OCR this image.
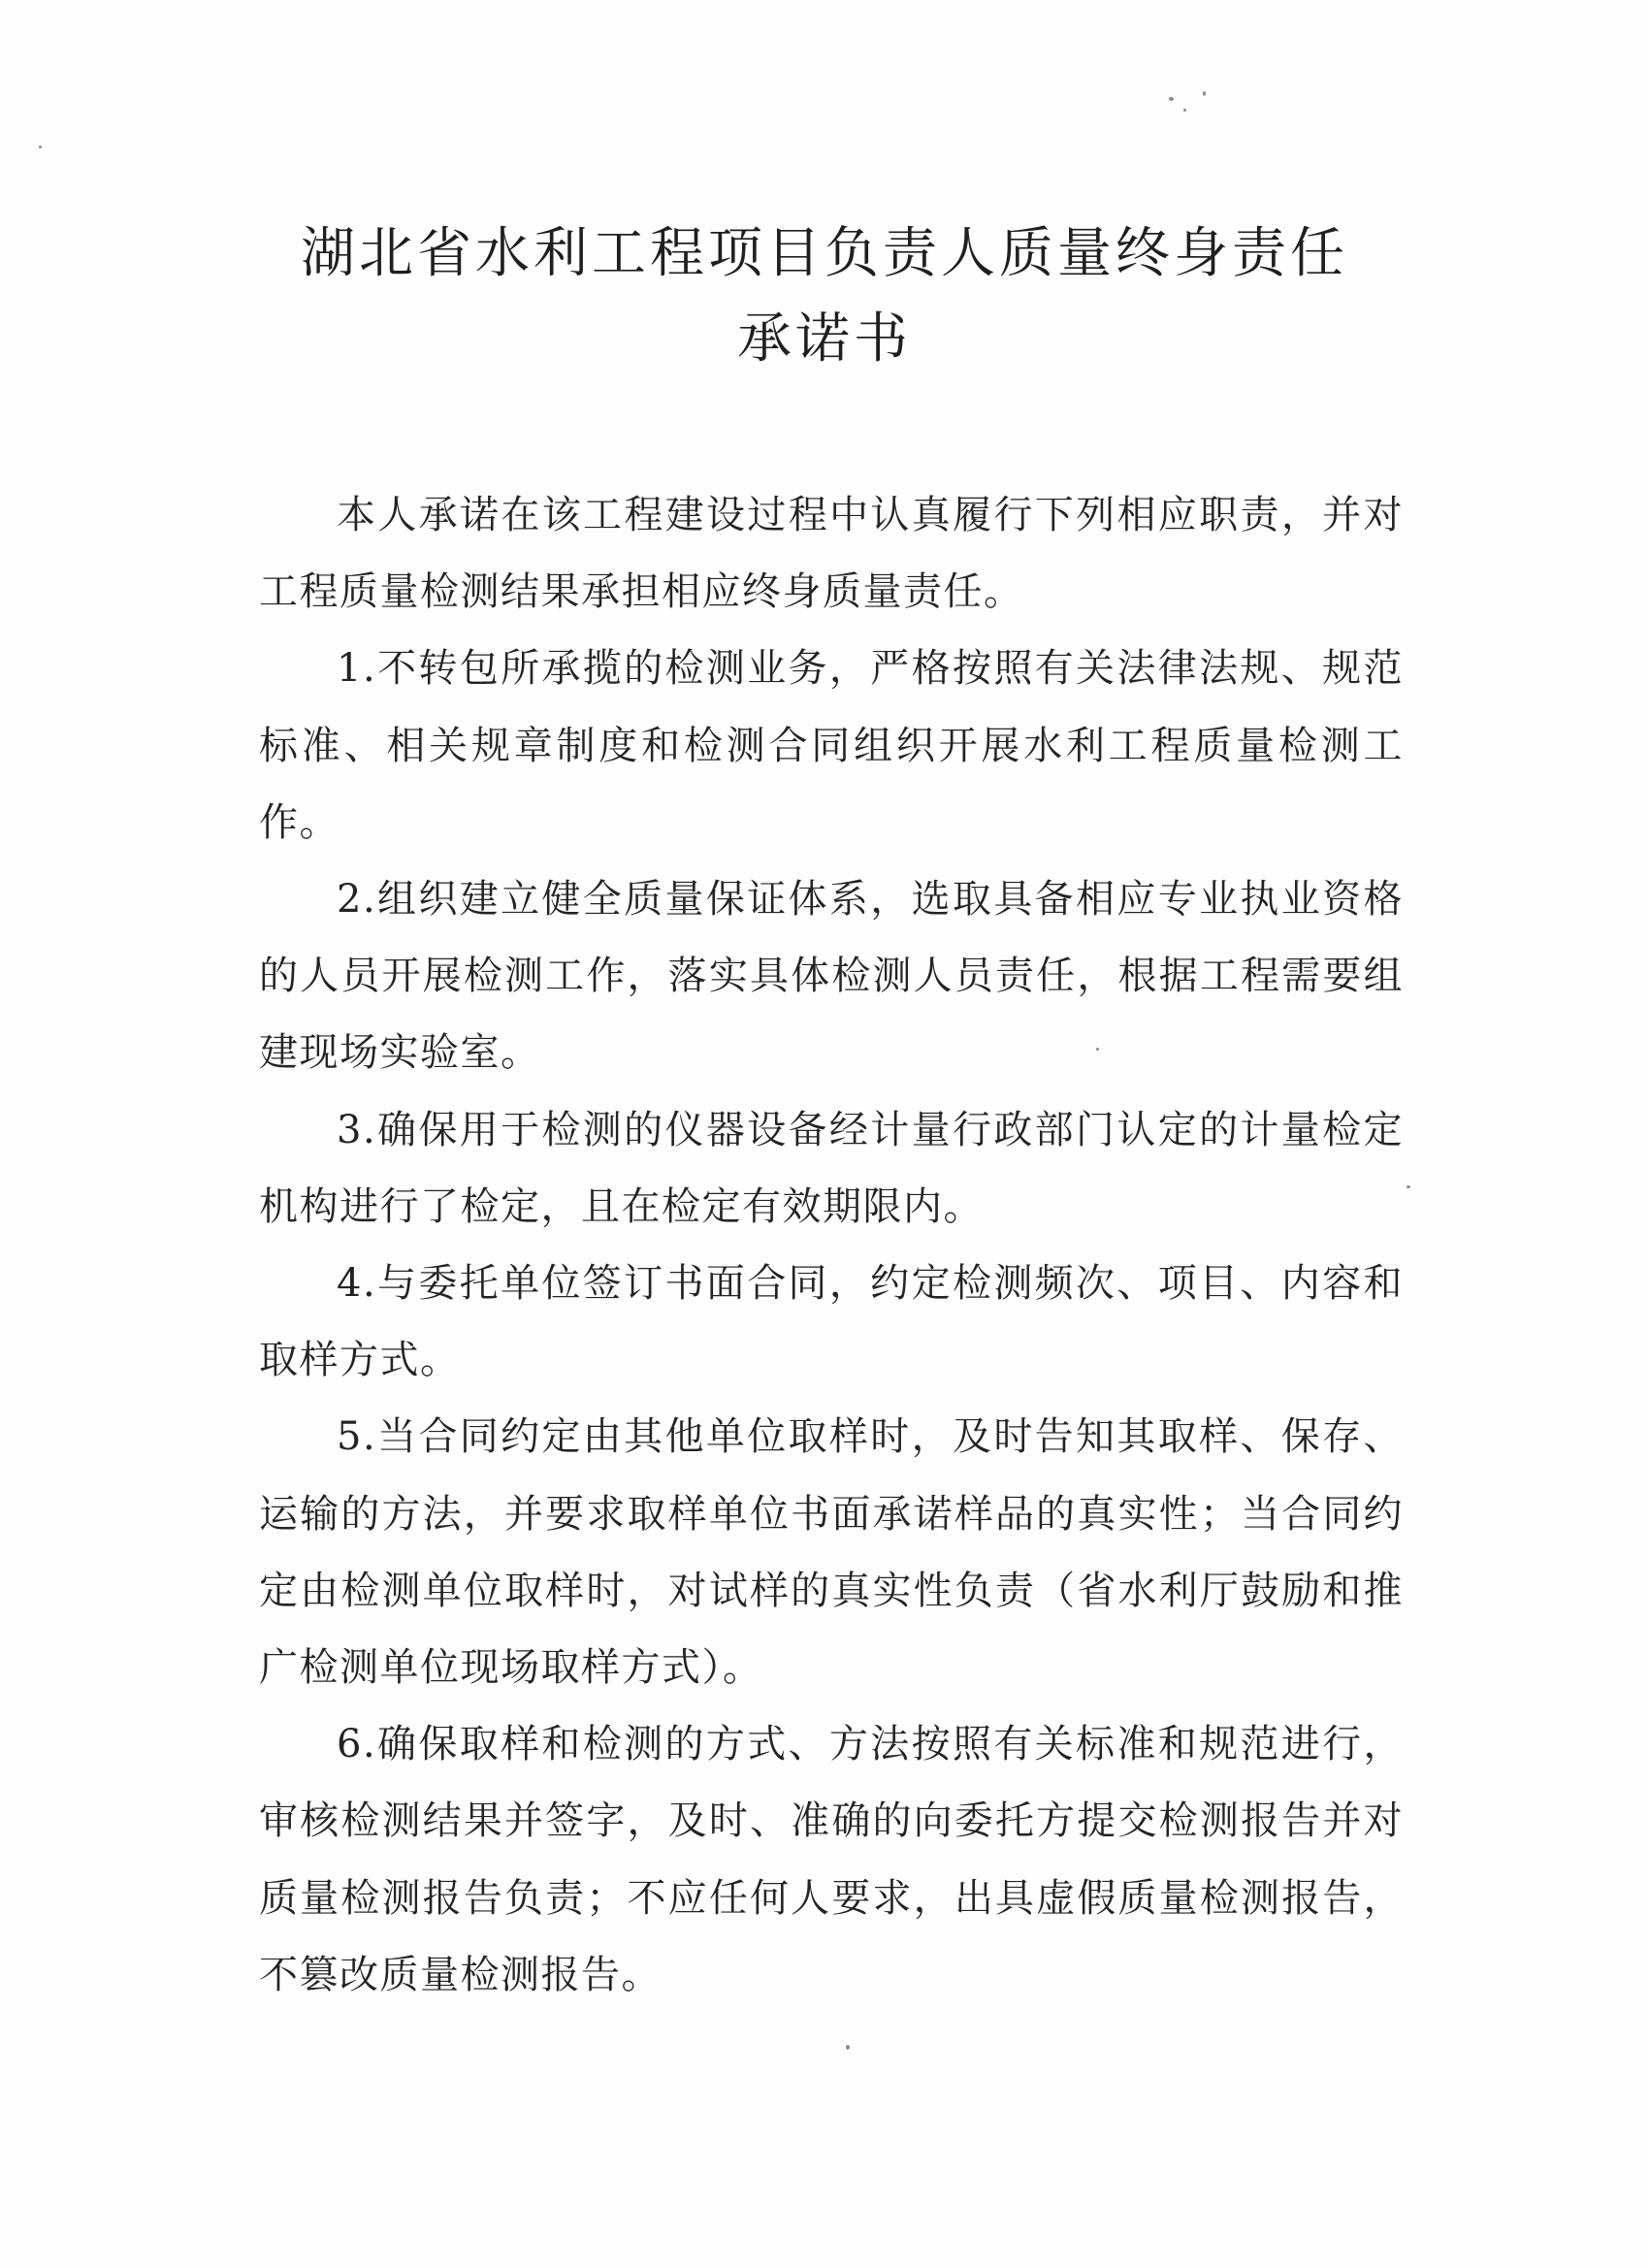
湖北省水利工程项目负责人质量终身责任
承诺书

本人承诺在该工程建设过程中认真履行下列相应职责，并对工程质量检测结果承担相应终身质量责任。

1.不转包所承揽的检测业务，严格按照有关法律法规、规范标准、相关规章制度和检测合同组织开展水利工程质量检测工作。

2.组织建立健全质量保证体系，选取具备相应专业执业资格的人员开展检测工作，落实具体检测人员责任，根据工程需要组建现场实验室。

3.确保用于检测的仪器设备经计量行政部门认定的计量检定机构进行了检定，且在检定有效期限内。

4.与委托单位签订书面合同，约定检测频次、项目、内容和取样方式。

5.当合同约定由其他单位取样时，及时告知其取样、保存、运输的方法，并要求取样单位书面承诺样品的真实性；当合同约定由检测单位取样时，对试样的真实性负责（省水利厅鼓励和推广检测单位现场取样方式）。

6.确保取样和检测的方式、方法按照有关标准和规范进行，审核检测结果并签字，及时、准确的向委托方提交检测报告并对质量检测报告负责；不应任何人要求，出具虚假质量检测报告，不篡改质量检测报告。
